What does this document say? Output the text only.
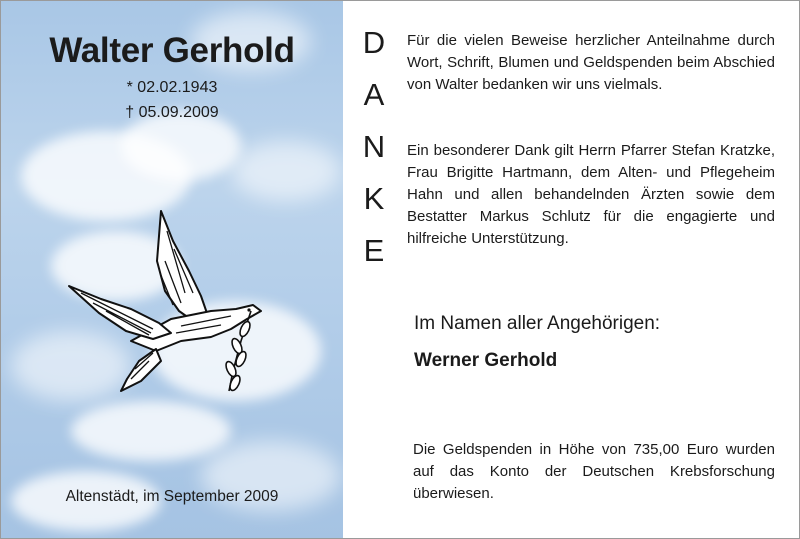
Walter Gerhold
* 02.02.1943
† 05.09.2009
Altenstädt, im September 2009
D
A
N
K
E
Für die vielen Beweise herzlicher Anteilnahme durch Wort, Schrift, Blumen und Geldspenden beim Abschied von Walter bedanken wir uns vielmals.
Ein besonderer Dank gilt Herrn Pfarrer Stefan Kratzke, Frau Brigitte Hartmann, dem Alten- und Pflegeheim Hahn und allen behandelnden Ärzten sowie dem Bestatter Markus Schlutz für die engagierte und hilfreiche Unterstützung.
Im Namen aller Angehörigen:
Werner Gerhold
Die Geldspenden in Höhe von 735,00 Euro wurden auf das Konto der Deutschen Krebsforschung überwiesen.
